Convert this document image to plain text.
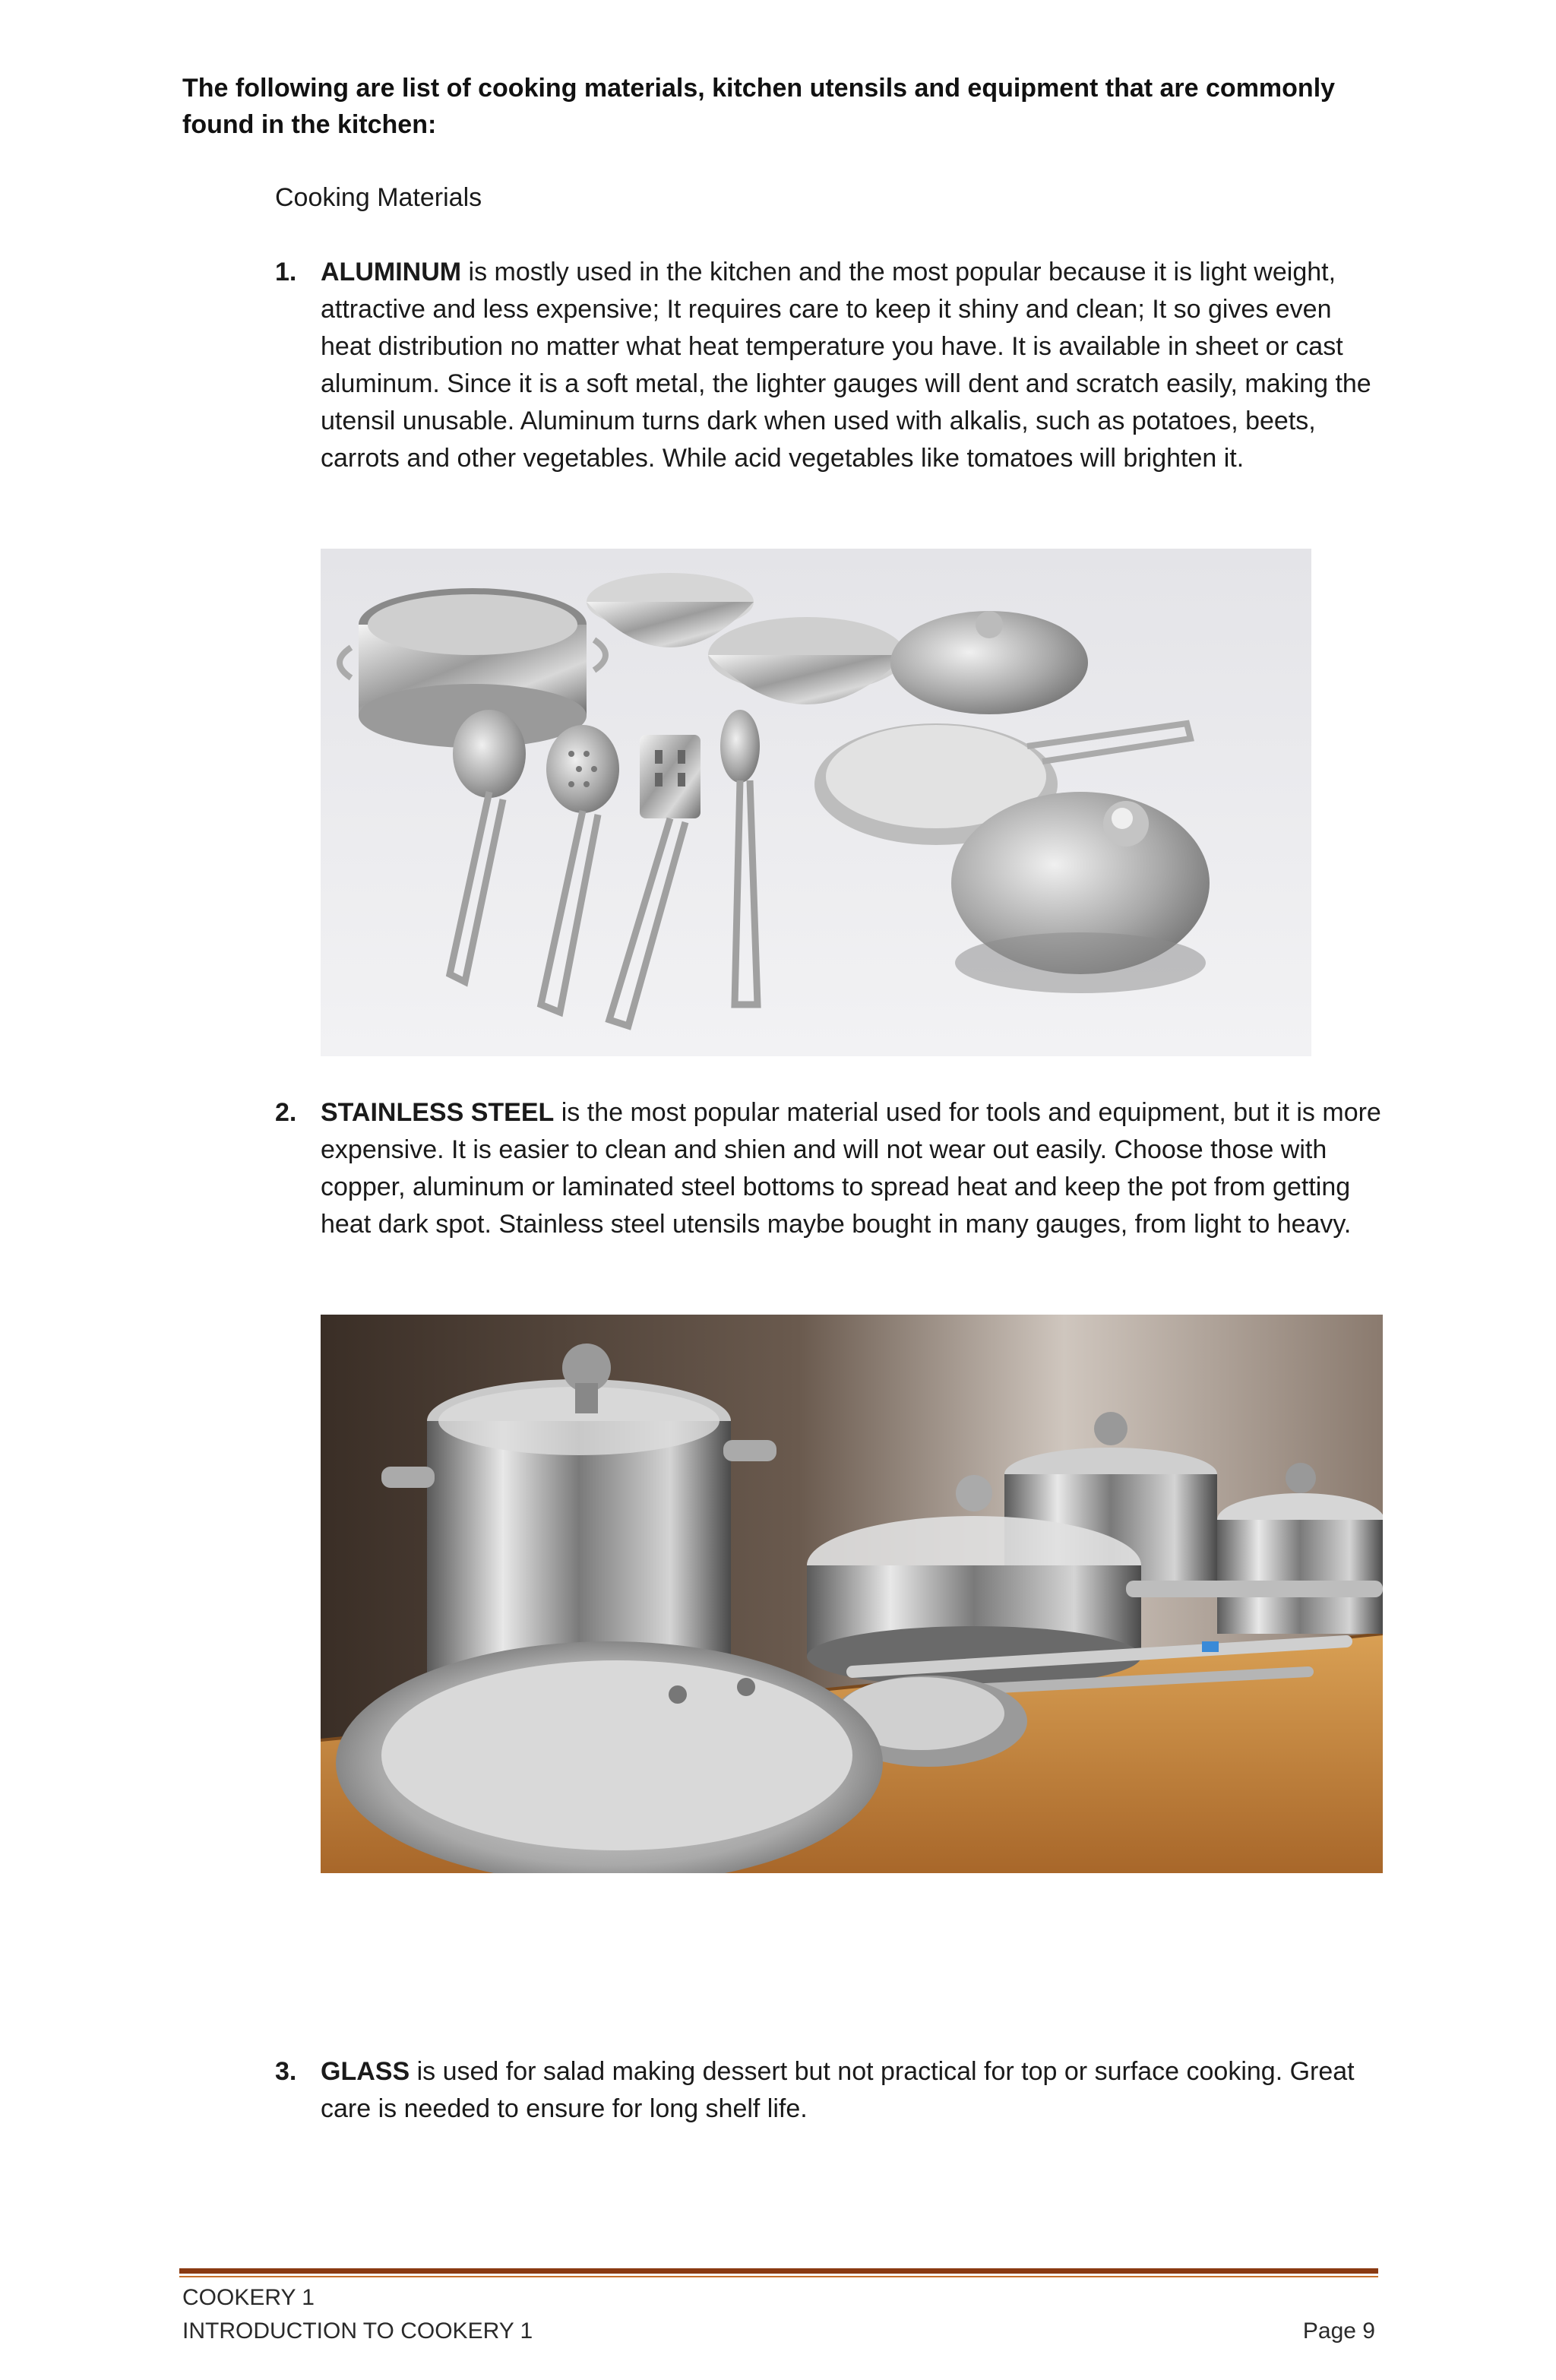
The following are list of cooking materials, kitchen utensils and equipment that are commonly found in the kitchen:
Cooking Materials
1. ALUMINUM is mostly used in the kitchen and the most popular because it is light weight, attractive and less expensive; It requires care to keep it shiny and clean; It so gives even heat distribution no matter what heat temperature you have. It is available in sheet or cast aluminum. Since it is a soft metal, the lighter gauges will dent and scratch easily, making the utensil unusable. Aluminum turns dark when used with alkalis, such as potatoes, beets, carrots and other vegetables. While acid vegetables like tomatoes will brighten it.
2. STAINLESS STEEL is the most popular material used for tools and equipment, but it is more expensive. It is easier to clean and shien and will not wear out easily. Choose those with copper, aluminum or laminated steel bottoms to spread heat and keep the pot from getting heat dark spot. Stainless steel utensils maybe bought in many gauges, from light to heavy.
3. GLASS is used for salad making dessert but not practical for top or surface cooking. Great care is needed to ensure for long shelf life.
COOKERY 1
INTRODUCTION TO COOKERY 1	Page 9
